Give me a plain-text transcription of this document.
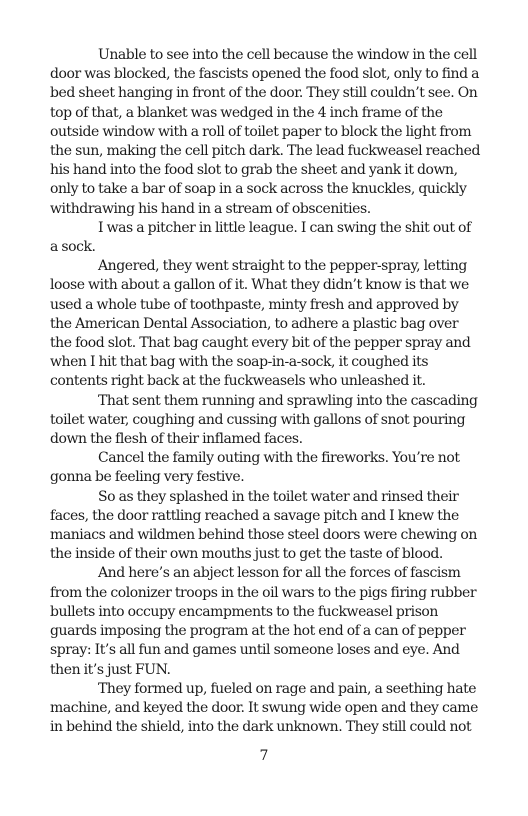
Unable to see into the cell because the window in the cell door was blocked, the fascists opened the food slot, only to find a bed sheet hanging in front of the door. They still couldn’t see. On top of that, a blanket was wedged in the 4 inch frame of the outside window with a roll of toilet paper to block the light from the sun, making the cell pitch dark. The lead fuckweasel reached his hand into the food slot to grab the sheet and yank it down, only to take a bar of soap in a sock across the knuckles, quickly withdrawing his hand in a stream of obscenities.

I was a pitcher in little league. I can swing the shit out of a sock.

Angered, they went straight to the pepper-spray, letting loose with about a gallon of it. What they didn’t know is that we used a whole tube of toothpaste, minty fresh and approved by the American Dental Association, to adhere a plastic bag over the food slot. That bag caught every bit of the pepper spray and when I hit that bag with the soap-in-a-sock, it coughed its contents right back at the fuckweasels who unleashed it.

That sent them running and sprawling into the cascading toilet water, coughing and cussing with gallons of snot pouring down the flesh of their inflamed faces.

Cancel the family outing with the fireworks. You’re not gonna be feeling very festive.

So as they splashed in the toilet water and rinsed their faces, the door rattling reached a savage pitch and I knew the maniacs and wildmen behind those steel doors were chewing on the inside of their own mouths just to get the taste of blood.

And here’s an abject lesson for all the forces of fascism from the colonizer troops in the oil wars to the pigs firing rubber bullets into occupy encampments to the fuckweasel prison guards imposing the program at the hot end of a can of pepper spray: It’s all fun and games until someone loses and eye. And then it’s just FUN.

They formed up, fueled on rage and pain, a seething hate machine, and keyed the door. It swung wide open and they came in behind the shield, into the dark unknown. They still could not

7
